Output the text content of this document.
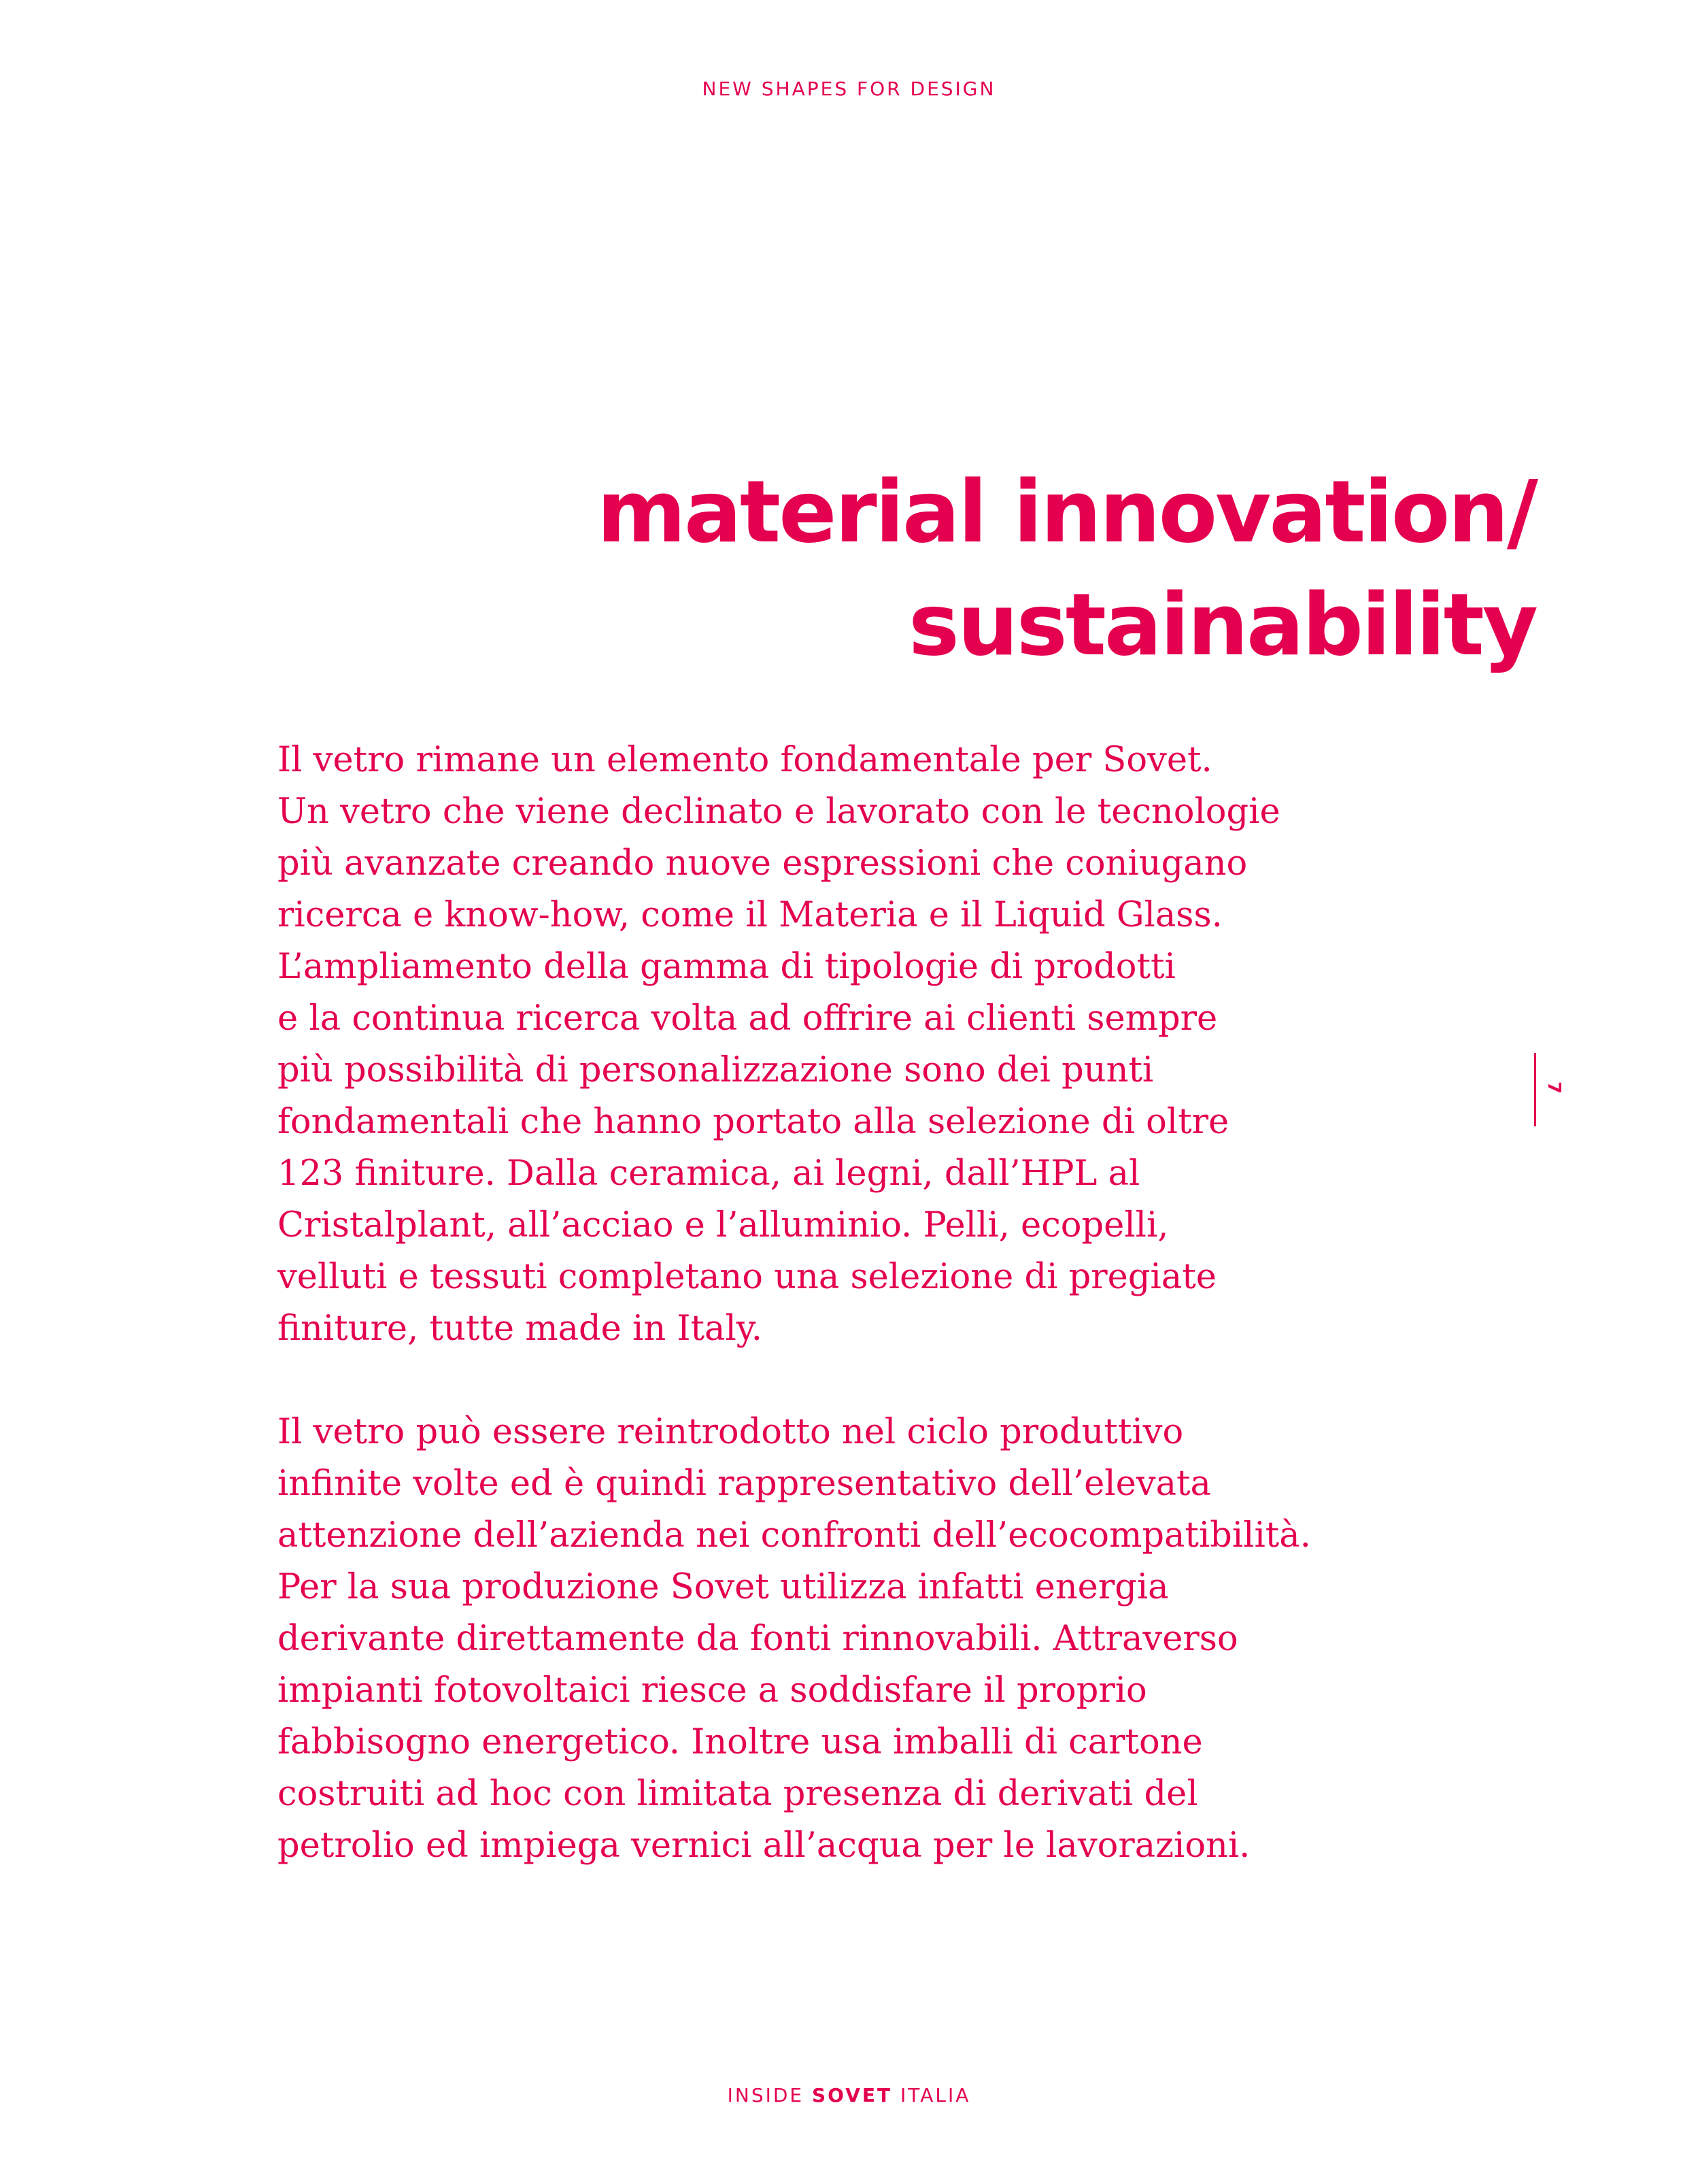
NEW SHAPES FOR DESIGN
material innovation/
sustainability

Il vetro rimane un elemento fondamentale per Sovet.
Un vetro che viene declinato e lavorato con le tecnologie
più avanzate creando nuove espressioni che coniugano
ricerca e know-how, come il Materia e il Liquid Glass.
L’ampliamento della gamma di tipologie di prodotti
e la continua ricerca volta ad offrire ai clienti sempre
più possibilità di personalizzazione sono dei punti
fondamentali che hanno portato alla selezione di oltre
123 finiture. Dalla ceramica, ai legni, dall’HPL al
Cristalplant, all’acciao e l’alluminio. Pelli, ecopelli,
velluti e tessuti completano una selezione di pregiate
finiture, tutte made in Italy.

Il vetro può essere reintrodotto nel ciclo produttivo
infinite volte ed è quindi rappresentativo dell’elevata
attenzione dell’azienda nei confronti dell’ecocompatibilità.
Per la sua produzione Sovet utilizza infatti energia
derivante direttamente da fonti rinnovabili. Attraverso
impianti fotovoltaici riesce a soddisfare il proprio
fabbisogno energetico. Inoltre usa imballi di cartone
costruiti ad hoc con limitata presenza di derivati del
petrolio ed impiega vernici all’acqua per le lavorazioni.

7
INSIDE SOVET ITALIA
